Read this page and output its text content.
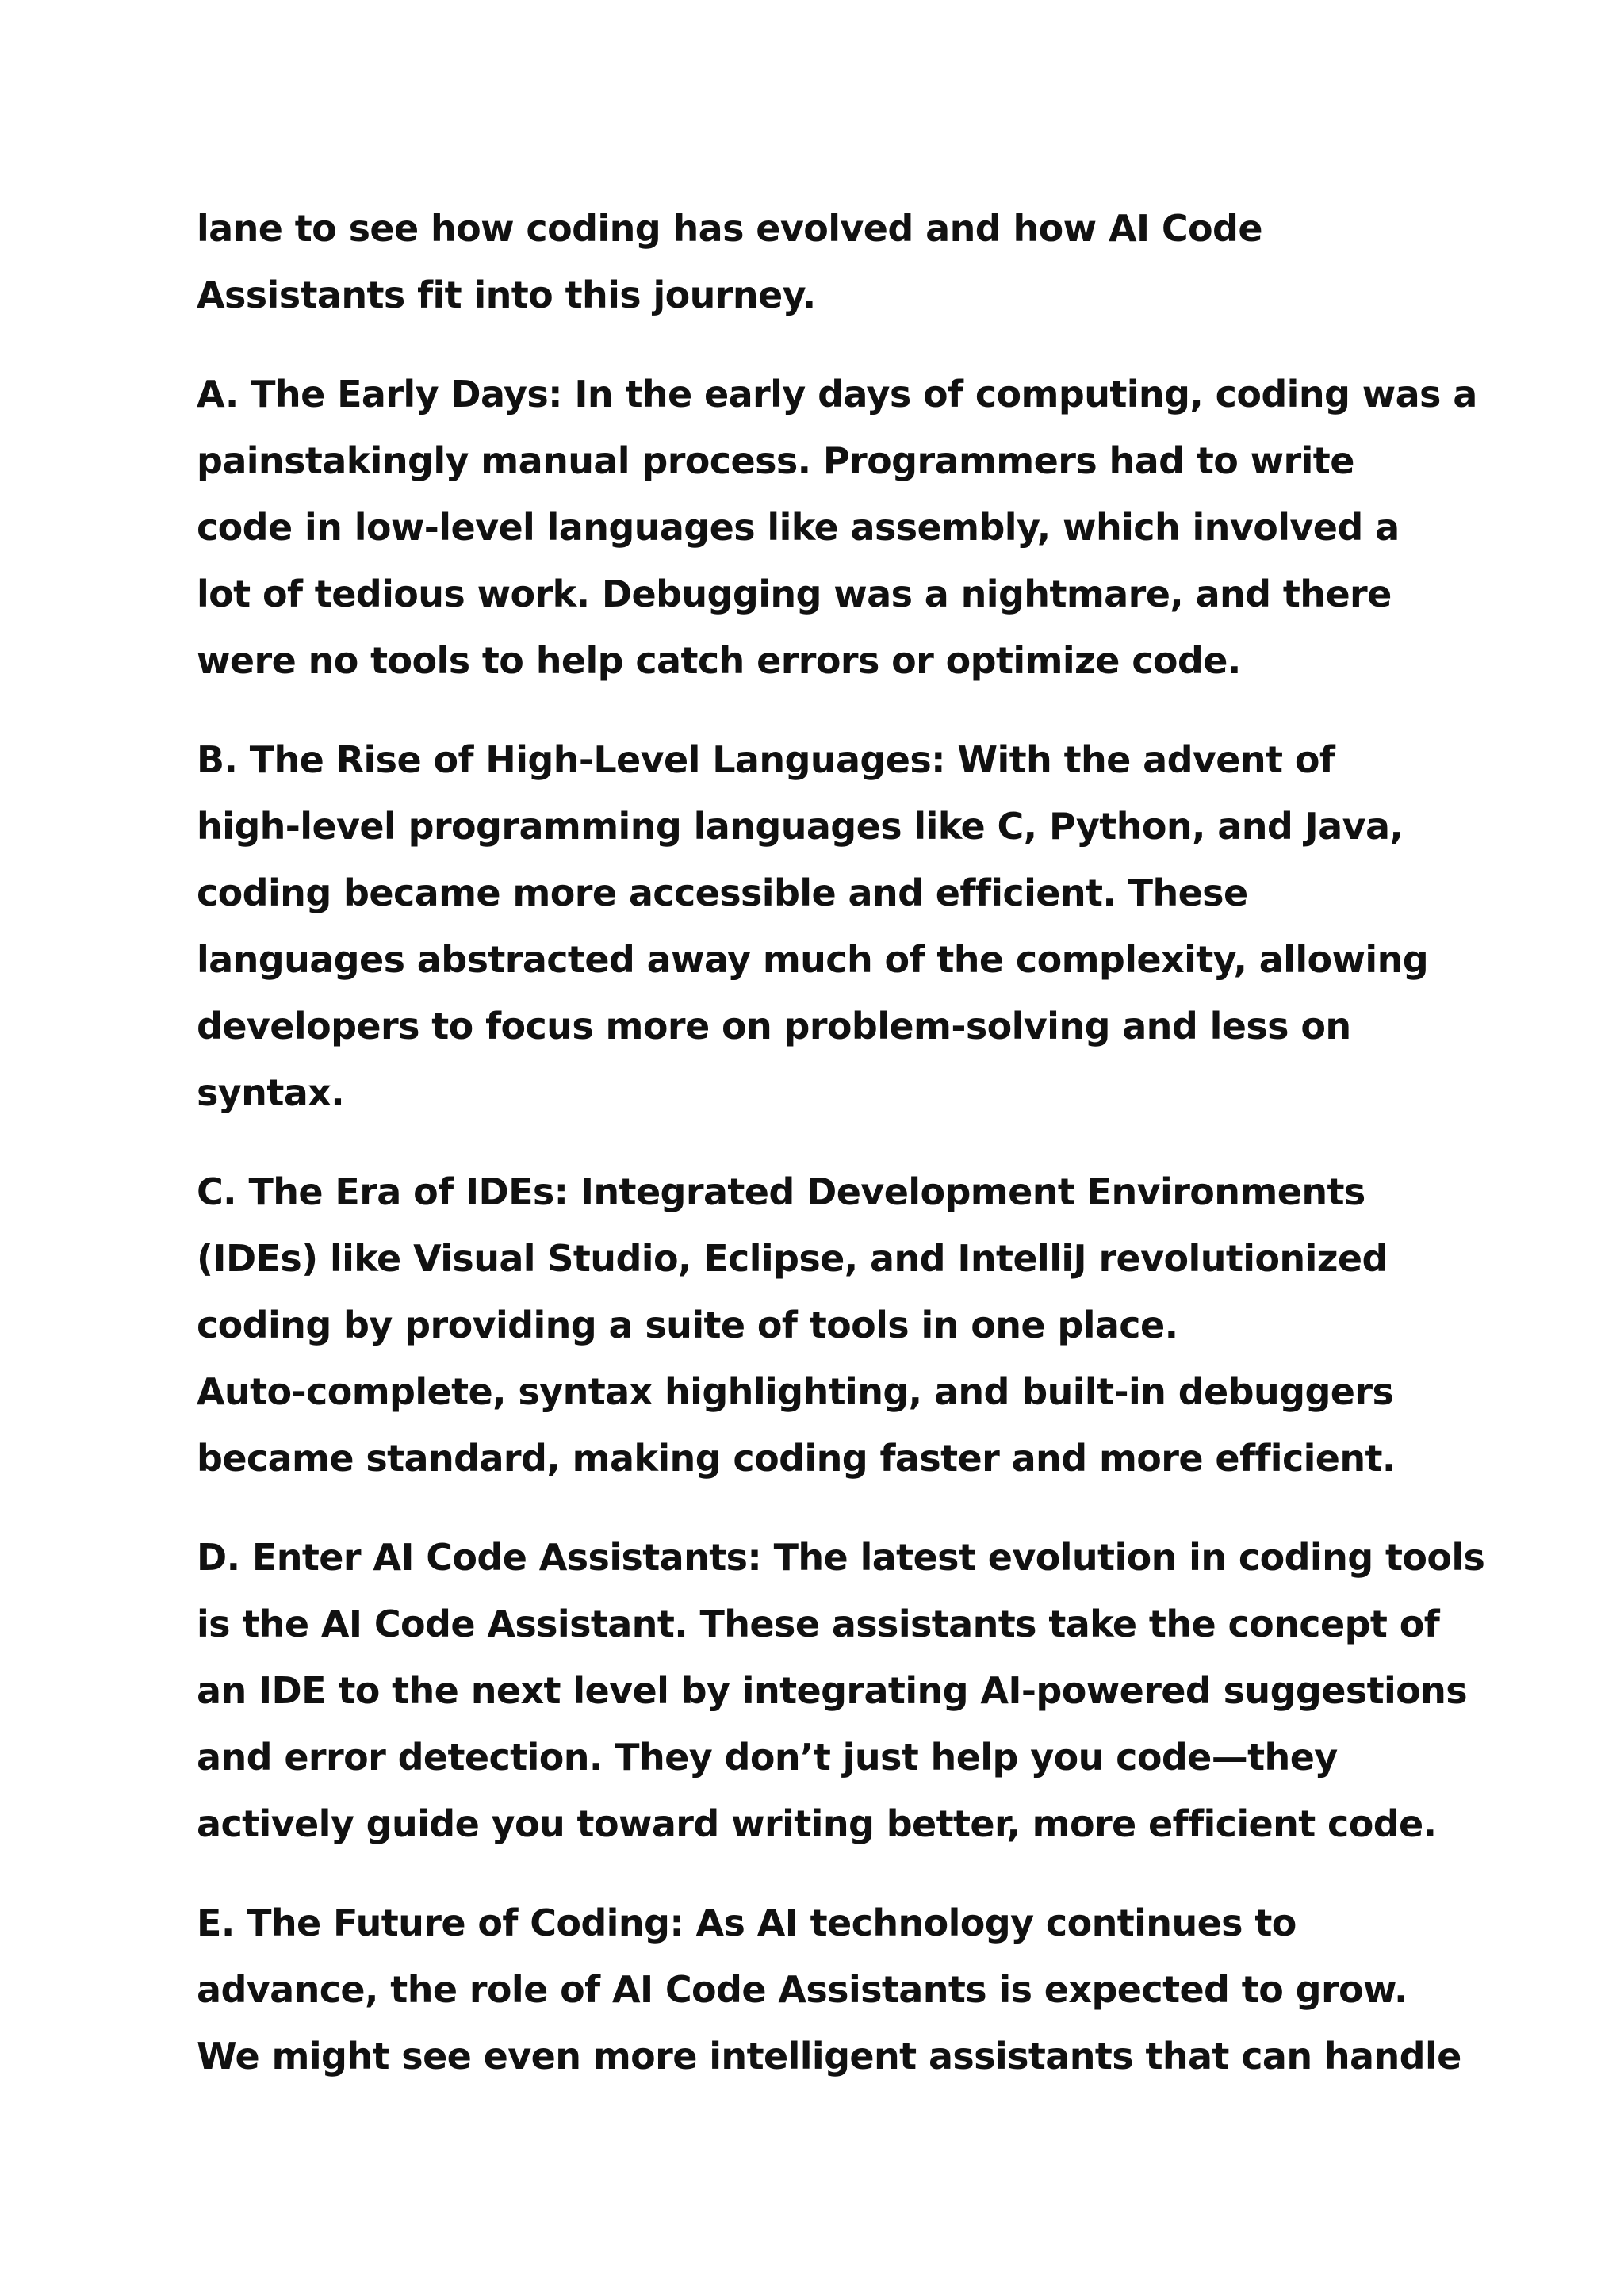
lane to see how coding has evolved and how AI Code
Assistants fit into this journey.

A. The Early Days: In the early days of computing, coding was a
painstakingly manual process. Programmers had to write
code in low-level languages like assembly, which involved a
lot of tedious work. Debugging was a nightmare, and there
were no tools to help catch errors or optimize code.

B. The Rise of High-Level Languages: With the advent of
high-level programming languages like C, Python, and Java,
coding became more accessible and efficient. These
languages abstracted away much of the complexity, allowing
developers to focus more on problem-solving and less on
syntax.

C. The Era of IDEs: Integrated Development Environments
(IDEs) like Visual Studio, Eclipse, and IntelliJ revolutionized
coding by providing a suite of tools in one place.
Auto-complete, syntax highlighting, and built-in debuggers
became standard, making coding faster and more efficient.

D. Enter AI Code Assistants: The latest evolution in coding tools
is the AI Code Assistant. These assistants take the concept of
an IDE to the next level by integrating AI-powered suggestions
and error detection. They don’t just help you code—they
actively guide you toward writing better, more efficient code.

E. The Future of Coding: As AI technology continues to
advance, the role of AI Code Assistants is expected to grow.
We might see even more intelligent assistants that can handle
